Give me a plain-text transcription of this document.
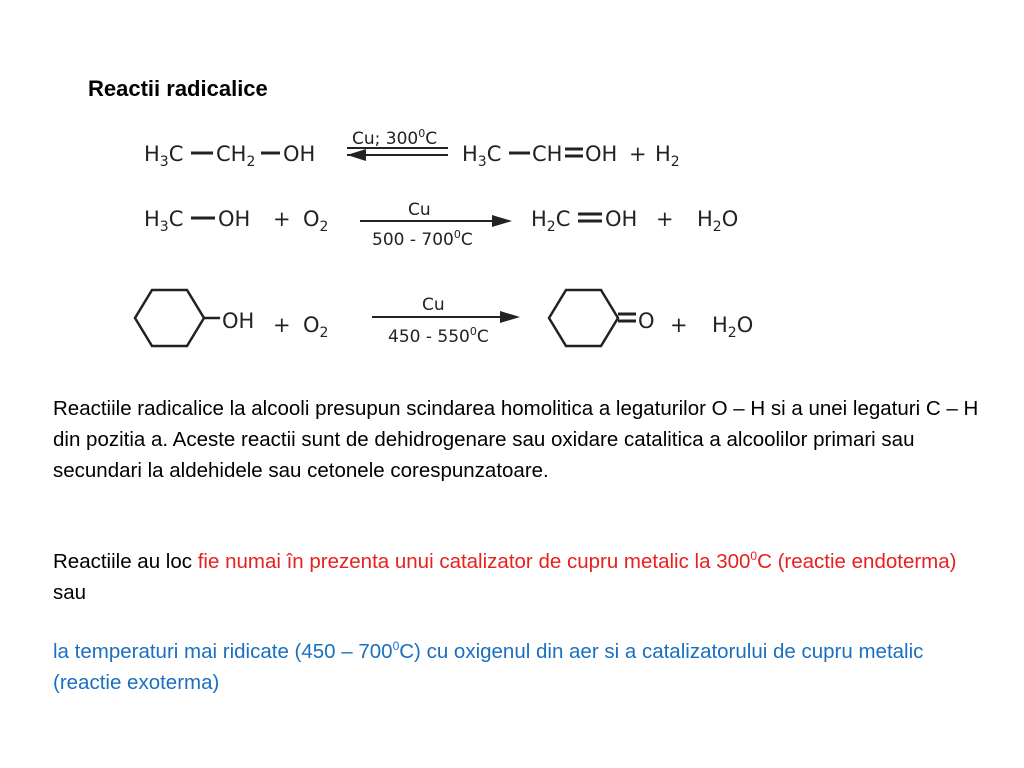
Reactii radicalice
$H_3C$ $CH_2$ OH
Cu; $300^0C$
$H_3C$ CH OH + $H_2$
$H_3C$ OH + $O_2$
Cu
$500 - 700^0C$
$H_2C$ OH + $H_2O$
OH + $O_2$
Cu
$450 - 550^0C$
$O + H_2O$

Reactiile radicalice la alcooli presupun scindarea homolitica a legaturilor O – H si a unei legaturi C – H din pozitia a. Aceste reactii sunt de dehidrogenare sau oxidare catalitica a alcoolilor primari sau secundari la aldehidele sau cetonele corespunzatoare.

Reactiile au loc fie numai în prezenta unui catalizator de cupru metalic la $300^0C$ (reactie endoterma) sau

la temperaturi mai ridicate $(450 - 700^0C)$ cu oxigenul din aer si a catalizatorului de cupru metalic (reactie exoterma)
